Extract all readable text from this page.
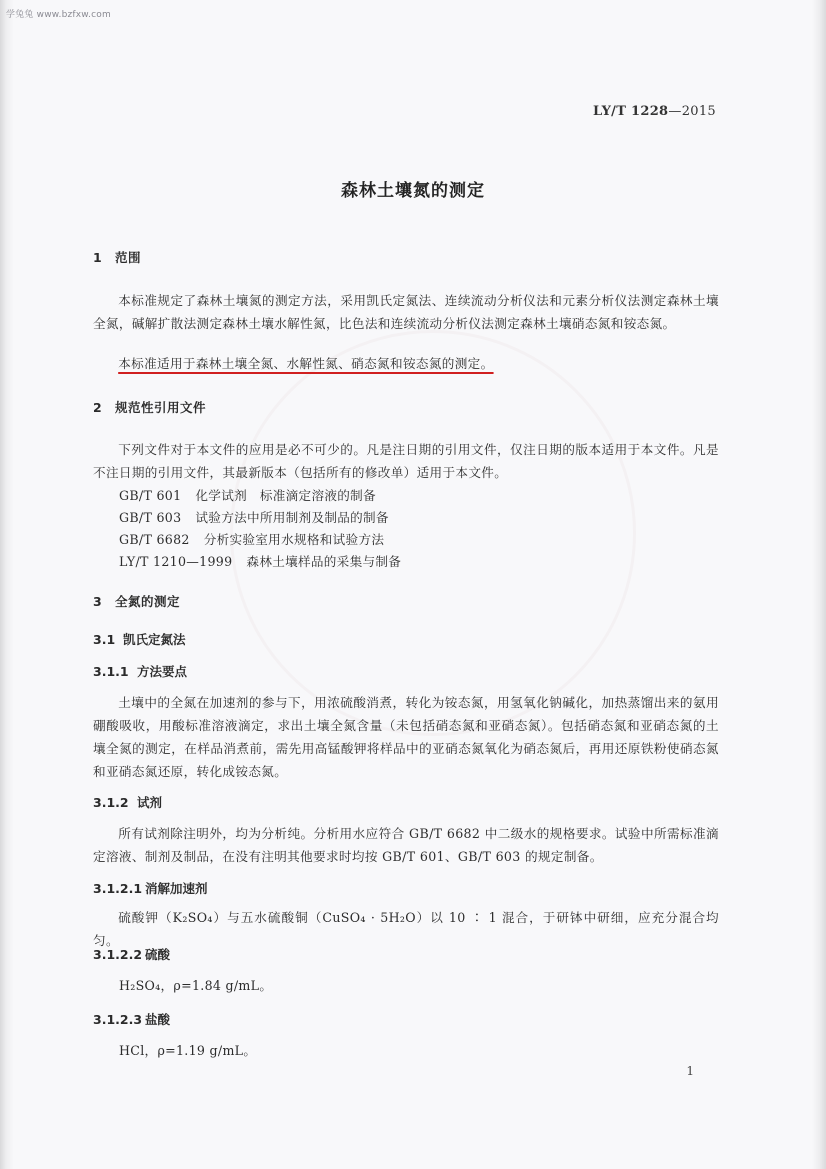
学兔兔 www.bzfxw.com
LY/T 1228—2015
森林土壤氮的测定
1 范围
本标准规定了森林土壤氮的测定方法，采用凯氏定氮法、连续流动分析仪法和元素分析仪法测定森林土壤全氮，碱解扩散法测定森林土壤水解性氮，比色法和连续流动分析仪法测定森林土壤硝态氮和铵态氮。
本标准适用于森林土壤全氮、水解性氮、硝态氮和铵态氮的测定。
2 规范性引用文件
下列文件对于本文件的应用是必不可少的。凡是注日期的引用文件，仅注日期的版本适用于本文件。凡是不注日期的引用文件，其最新版本（包括所有的修改单）适用于本文件。
GB/T 601 化学试剂　标准滴定溶液的制备
GB/T 603 试验方法中所用制剂及制品的制备
GB/T 6682 分析实验室用水规格和试验方法
LY/T 1210—1999 森林土壤样品的采集与制备
3 全氮的测定
3.1 凯氏定氮法
3.1.1 方法要点
土壤中的全氮在加速剂的参与下，用浓硫酸消煮，转化为铵态氮，用氢氧化钠碱化，加热蒸馏出来的氨用硼酸吸收，用酸标准溶液滴定，求出土壤全氮含量（未包括硝态氮和亚硝态氮）。包括硝态氮和亚硝态氮的土壤全氮的测定，在样品消煮前，需先用高锰酸钾将样品中的亚硝态氮氧化为硝态氮后，再用还原铁粉使硝态氮和亚硝态氮还原，转化成铵态氮。
3.1.2 试剂
所有试剂除注明外，均为分析纯。分析用水应符合 GB/T 6682 中二级水的规格要求。试验中所需标准滴定溶液、制剂及制品，在没有注明其他要求时均按 GB/T 601、GB/T 603 的规定制备。
3.1.2.1 消解加速剂
硫酸钾（K₂SO₄）与五水硫酸铜（CuSO₄ · 5H₂O）以 10 ∶ 1 混合，于研钵中研细，应充分混合均匀。
3.1.2.2 硫酸
H₂SO₄，ρ=1.84 g/mL。
3.1.2.3 盐酸
HCl，ρ=1.19 g/mL。
1
